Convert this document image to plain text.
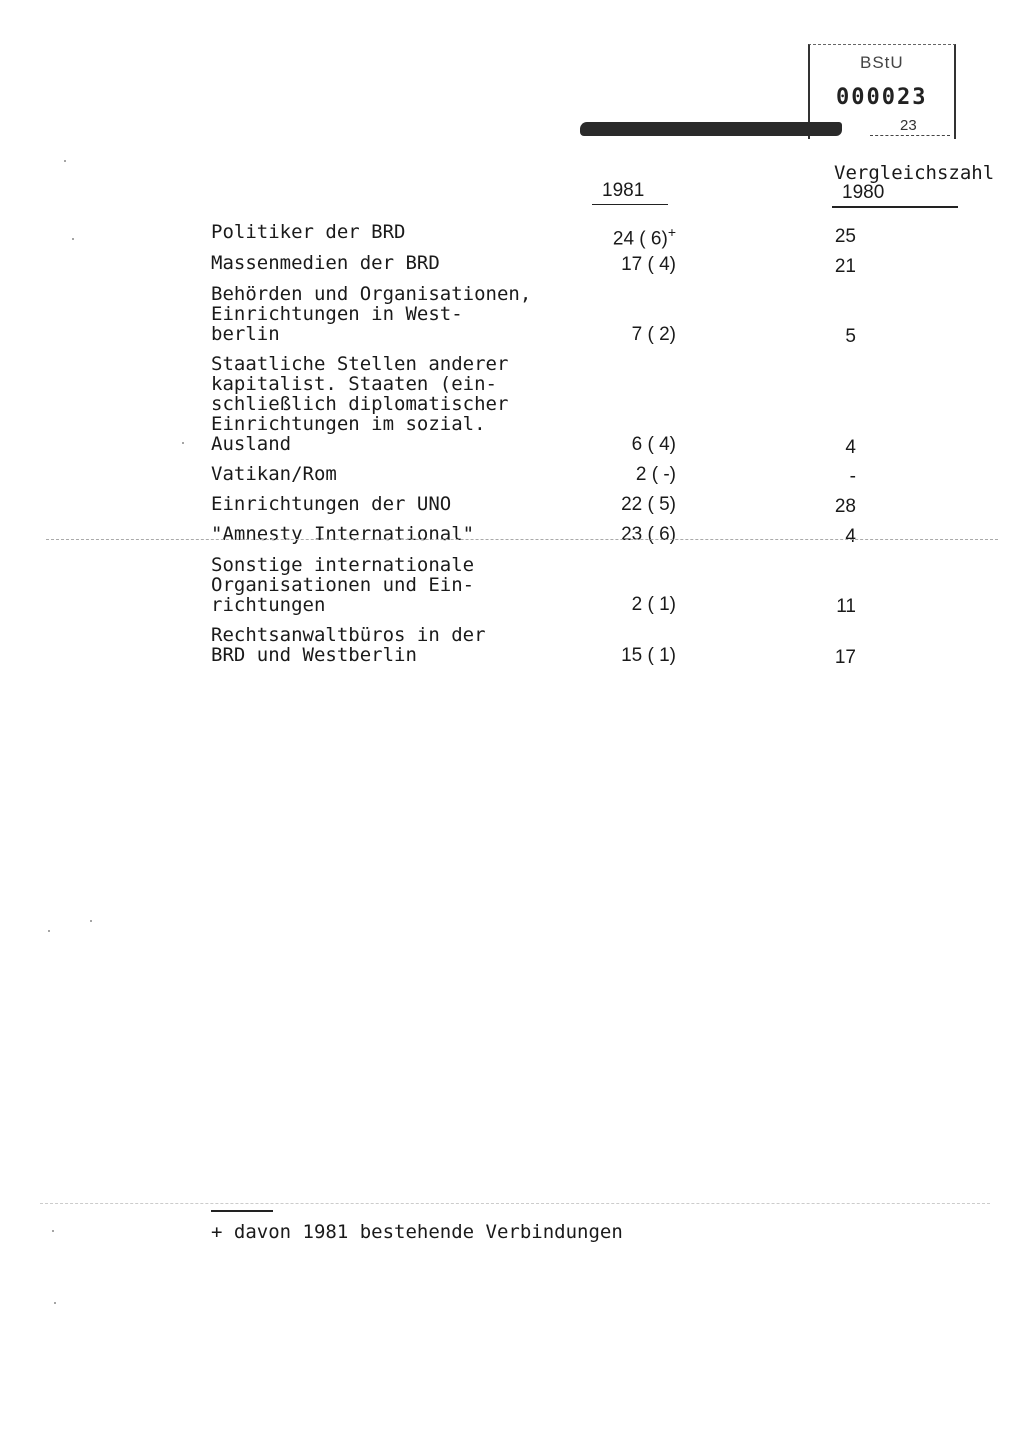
BStU
000023
23
1981
Vergleichszahl
1980
Politiker der BRD
Massenmedien der BRD
Behörden und Organisationen,
Einrichtungen in West-
berlin
Staatliche Stellen anderer
kapitalist. Staaten (ein-
schließlich diplomatischer
Einrichtungen im sozial.
Ausland
Vatikan/Rom
Einrichtungen der UNO
"Amnesty International"
Sonstige internationale
Organisationen und Ein-
richtungen
Rechtsanwaltbüros in der
BRD und Westberlin
24 ( 6)+
17 ( 4)
7 ( 2)
6 ( 4)
2 ( -)
22 ( 5)
23 ( 6)
2 ( 1)
15 ( 1)
25
21
5
4
-
28
4
11
17
+ davon 1981 bestehende Verbindungen
